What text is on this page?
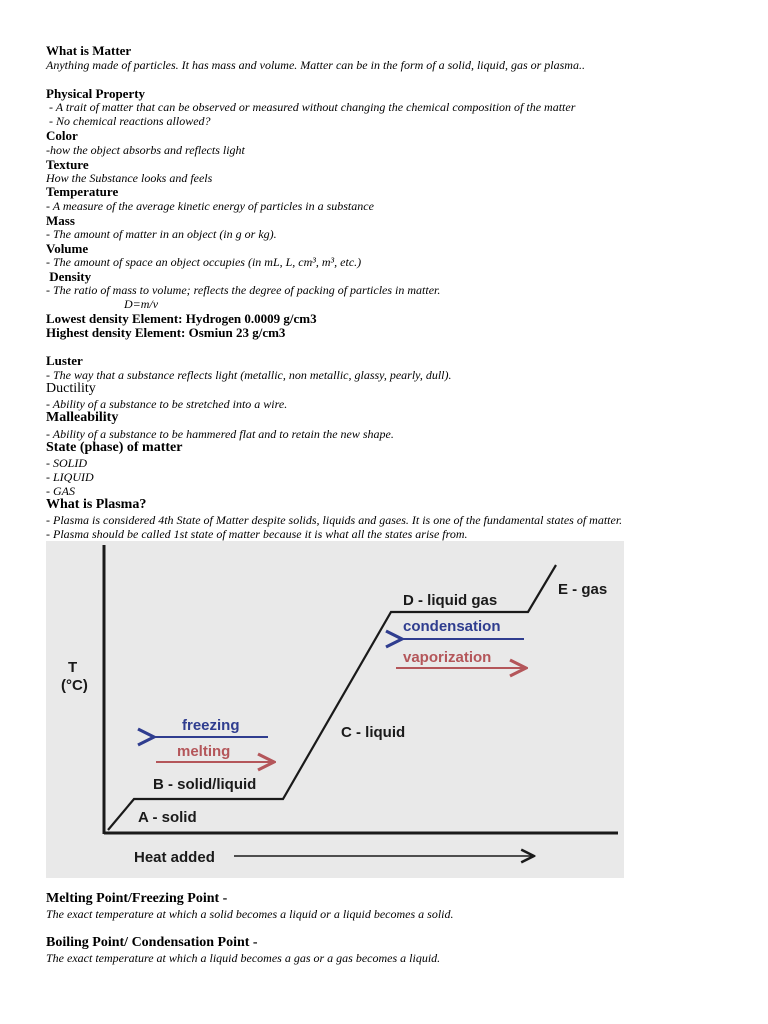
What is Matter
Anything made of particles. It has mass and volume. Matter can be in the form of a solid, liquid, gas or plasma..
Physical Property
- A trait of matter that can be observed or measured without changing the chemical composition of the matter
- No chemical reactions allowed?
Color
-how the object absorbs and reflects light
Texture
How the Substance looks and feels
Temperature
- A measure of the average kinetic energy of particles in a substance
Mass
- The amount of matter in an object (in g or kg).
Volume
- The amount of space an object occupies (in mL, L, cm³, m³, etc.)
Density
- The ratio of mass to volume; reflects the degree of packing of particles in matter.
D=m/v
Lowest density Element: Hydrogen 0.0009 g/cm3
Highest density Element: Osmiun 23 g/cm3
Luster
- The way that a substance reflects light (metallic, non metallic, glassy, pearly, dull).
Ductility
- Ability of a substance to be stretched into a wire.
Malleability
- Ability of a substance to be hammered flat and to retain the new shape.
State (phase) of matter
- SOLID
- LIQUID
- GAS
What is Plasma?
- Plasma is considered 4th State of Matter despite solids, liquids and gases. It is one of the fundamental states of matter.
- Plasma should be called 1st state of matter because it is what all the states arise from.
T
(°C)
Heat added
A - solid
B - solid/liquid
C - liquid
D - liquid gas
E - gas
freezing
melting
condensation
vaporization
Melting Point/Freezing Point -
The exact temperature at which a solid becomes a liquid or a liquid becomes a solid.
Boiling Point/ Condensation Point -
The exact temperature at which a liquid becomes a gas or a gas becomes a liquid.
